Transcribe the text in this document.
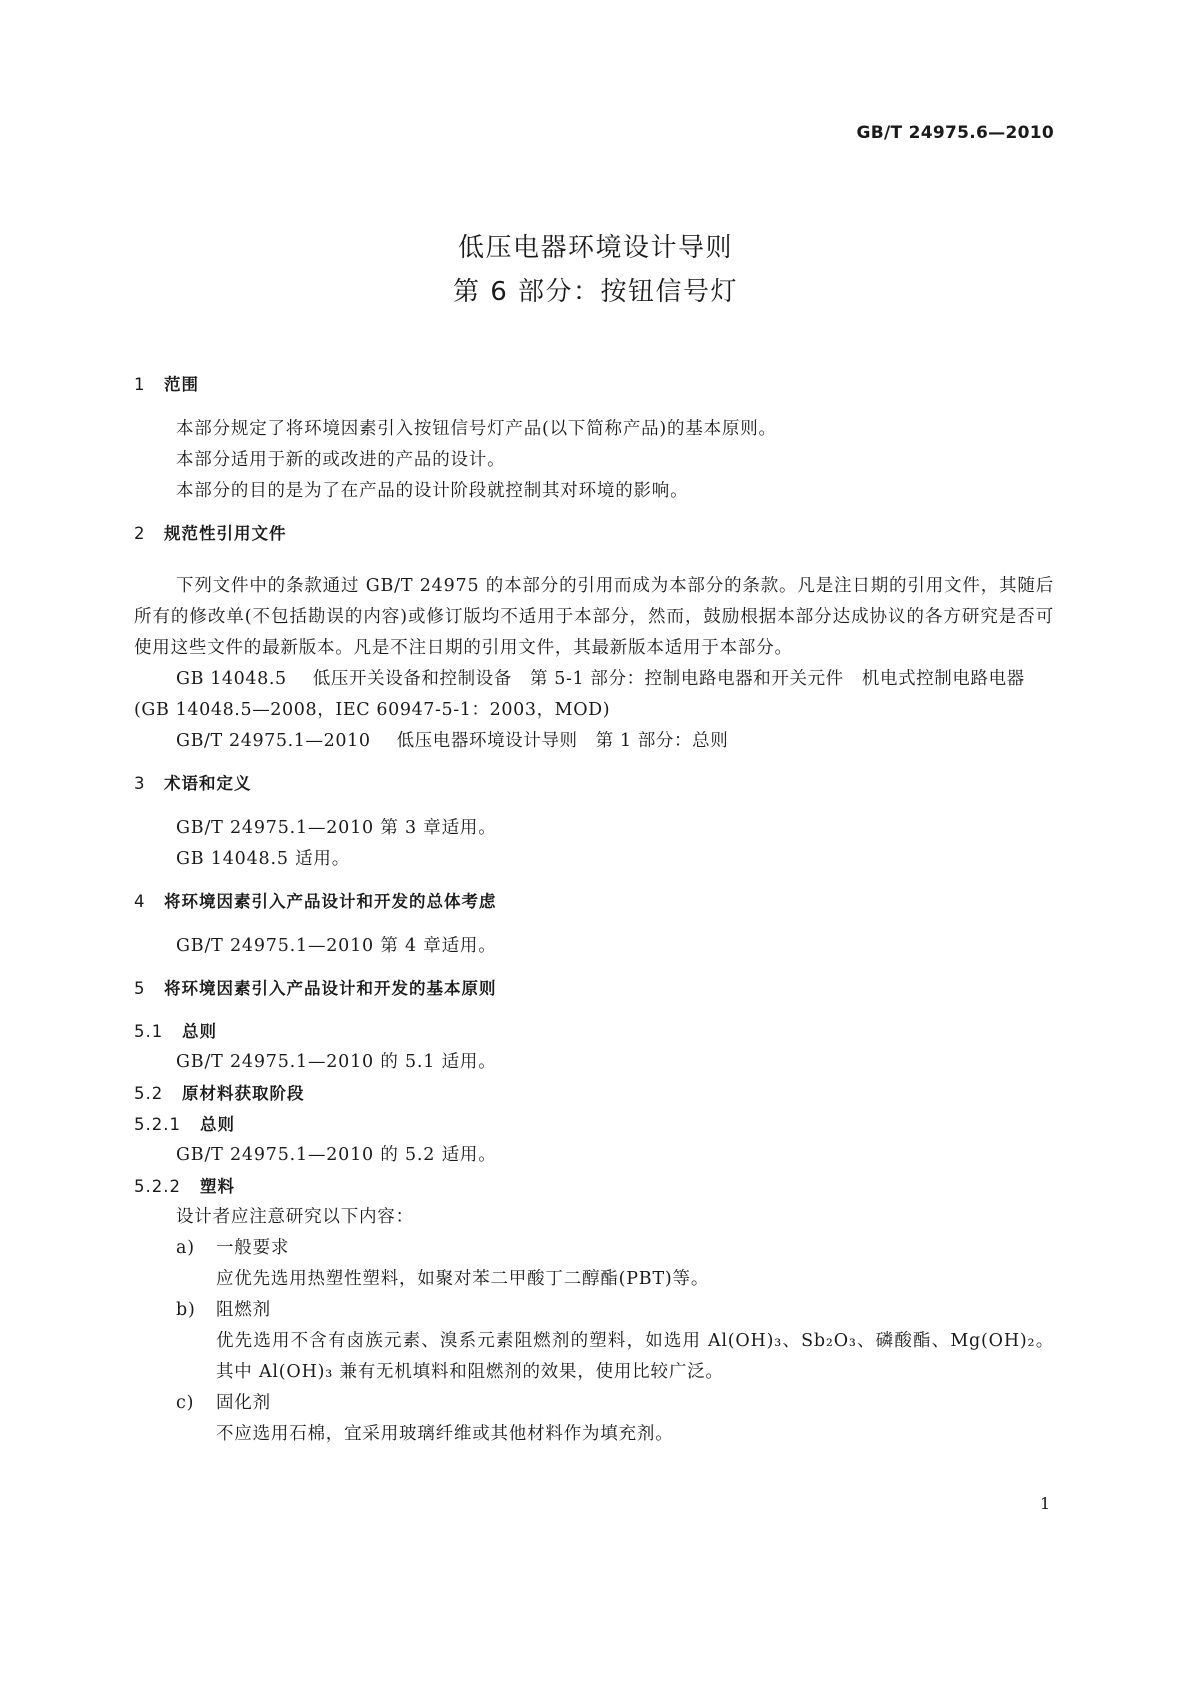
GB/T 24975.6—2010
低压电器环境设计导则
第 6 部分：按钮信号灯
1 范围

本部分规定了将环境因素引入按钮信号灯产品(以下简称产品)的基本原则。

本部分适用于新的或改进的产品的设计。

本部分的目的是为了在产品的设计阶段就控制其对环境的影响。

2 规范性引用文件

下列文件中的条款通过 GB/T 24975 的本部分的引用而成为本部分的条款。凡是注日期的引用文件，其随后所有的修改单(不包括勘误的内容)或修订版均不适用于本部分，然而，鼓励根据本部分达成协议的各方研究是否可使用这些文件的最新版本。凡是不注日期的引用文件，其最新版本适用于本部分。

GB 14048.5 低压开关设备和控制设备　第 5-1 部分：控制电路电器和开关元件　机电式控制电路电器(GB 14048.5—2008，IEC 60947-5-1：2003，MOD)

GB/T 24975.1—2010 低压电器环境设计导则　第 1 部分：总则

3 术语和定义

GB/T 24975.1—2010 第 3 章适用。

GB 14048.5 适用。

4 将环境因素引入产品设计和开发的总体考虑

GB/T 24975.1—2010 第 4 章适用。

5 将环境因素引入产品设计和开发的基本原则
5.1 总则

GB/T 24975.1—2010 的 5.1 适用。

5.2 原材料获取阶段
5.2.1 总则

GB/T 24975.1—2010 的 5.2 适用。

5.2.2 塑料

设计者应注意研究以下内容：

a) 一般要求

应优先选用热塑性塑料，如聚对苯二甲酸丁二醇酯(PBT)等。

b) 阻燃剂

优先选用不含有卤族元素、溴系元素阻燃剂的塑料，如选用 Al(OH)₃、Sb₂O₃、磷酸酯、Mg(OH)₂。其中 Al(OH)₃ 兼有无机填料和阻燃剂的效果，使用比较广泛。

c) 固化剂

不应选用石棉，宜采用玻璃纤维或其他材料作为填充剂。

1
